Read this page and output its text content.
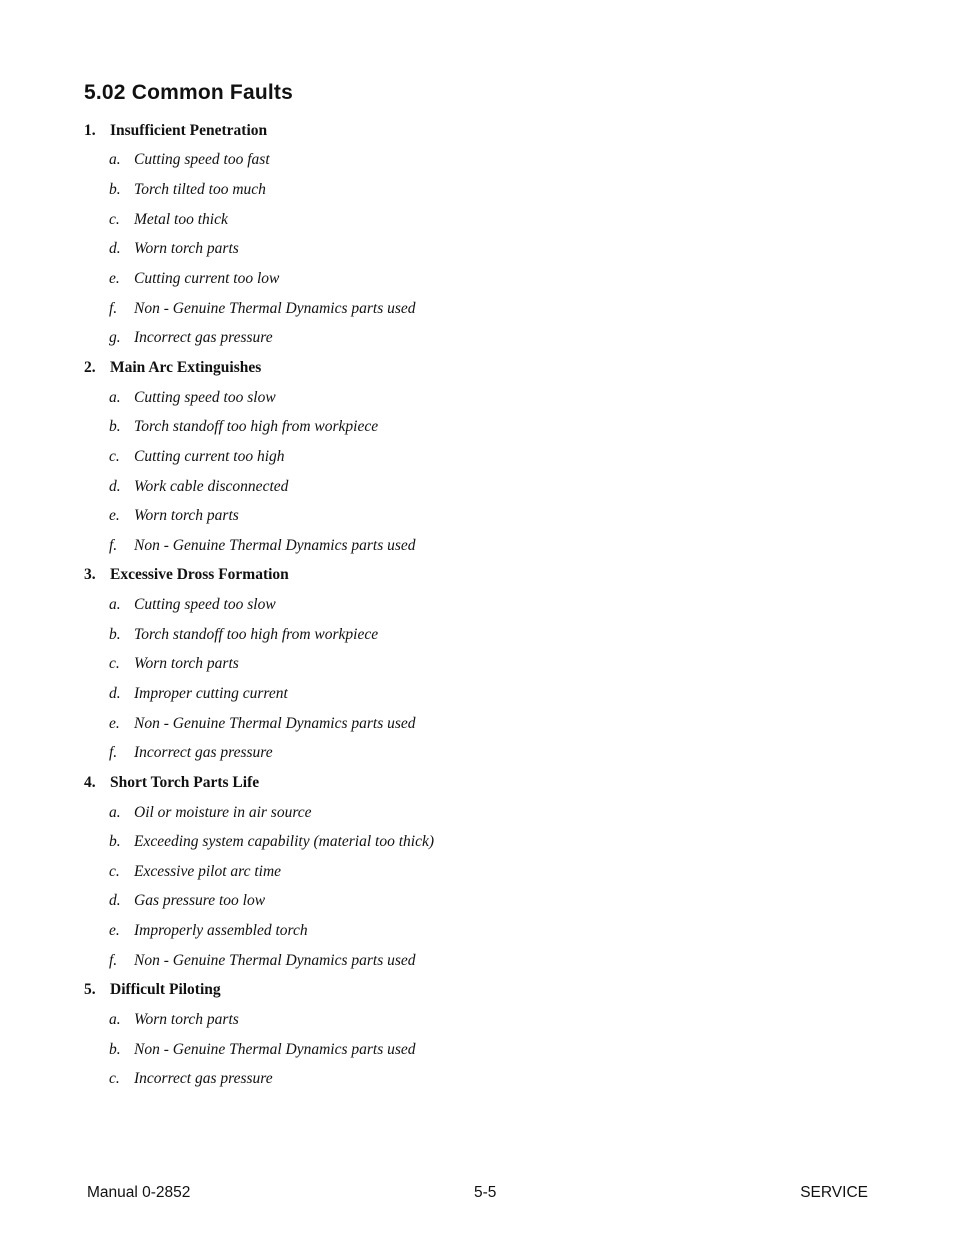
5.02 Common Faults
1. Insufficient Penetration
a. Cutting speed too fast
b. Torch tilted too much
c. Metal too thick
d. Worn torch parts
e. Cutting current too low
f.	Non - Genuine Thermal Dynamics parts used
g. Incorrect gas pressure
2. Main Arc Extinguishes
a. Cutting speed too slow
b. Torch standoff too high from workpiece
c. Cutting current too high
d. Work cable disconnected
e. Worn torch parts
f.	Non - Genuine Thermal Dynamics parts used
3. Excessive Dross Formation
a. Cutting speed too slow
b. Torch standoff too high from workpiece
c. Worn torch parts
d. Improper cutting current
e. Non - Genuine Thermal Dynamics parts used
f.	Incorrect gas pressure
4. Short Torch Parts Life
a. Oil or moisture in air source
b. Exceeding system capability (material too thick)
c. Excessive pilot arc time
d. Gas pressure too low
e. Improperly assembled torch
f.	Non - Genuine Thermal Dynamics parts used
5. Difficult Piloting
a. Worn torch parts
b. Non - Genuine Thermal Dynamics parts used
c. Incorrect gas pressure
Manual 0-2852	5-5	SERVICE
